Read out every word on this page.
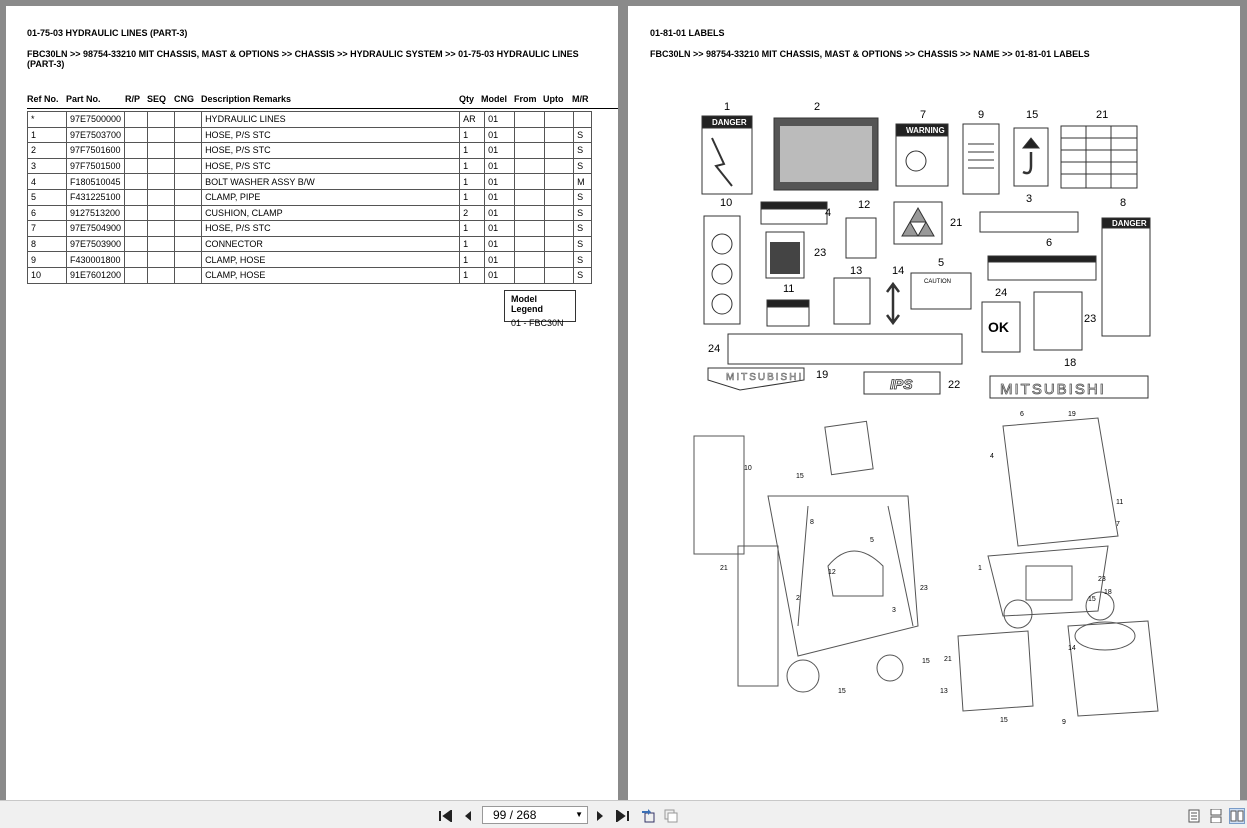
01-75-03 HYDRAULIC LINES (PART-3)
FBC30LN >> 98754-33210 MIT CHASSIS, MAST & OPTIONS >> CHASSIS >> HYDRAULIC SYSTEM >> 01-75-03 HYDRAULIC LINES
(PART-3)
Ref No. Part No.	R/P SEQ CNG Description Remarks	Qty Model From Upto M/R
*	97E7500000				HYDRAULIC LINES	AR	01			
1	97E7503700				HOSE, P/S STC	1	01			S
2	97F7501600				HOSE, P/S STC	1	01			S
3	97F7501500				HOSE, P/S STC	1	01			S
4	F180510045				BOLT WASHER ASSY B/W	1	01			M
5	F431225100				CLAMP, PIPE	1	01			S
6	9127513200				CUSHION, CLAMP	2	01			S
7	97E7504900				HOSE, P/S STC	1	01			S
8	97E7503900				CONNECTOR	1	01			S
9	F430001800				CLAMP, HOSE	1	01			S
10	91E7601200				CLAMP, HOSE	1	01			S
Model Legend
01 - FBC30N
01-81-01 LABELS
FBC30LN >> 98754-33210 MIT CHASSIS, MAST & OPTIONS >> CHASSIS >> NAME >> 01-81-01 LABELS
DANGER
WARNING
DANGER
CAUTION
OK
IPS
MITSUBISHI
MITSUBISHI
1	2
7	9	15	21
10
4
12
21
3	8
23
6
13	14
5
11	24
23
18
24
19
22
10
15
8
5
21
12
2
3
23
15
15
6	19
4
11
7
1
23
18
15
21
13
15
14
9
99 / 268	▼
